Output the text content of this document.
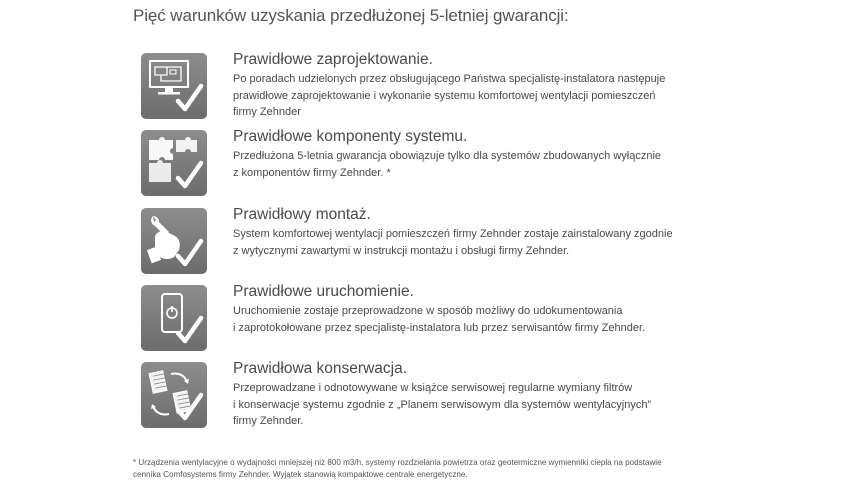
Pięć warunków uzyskania przedłużonej 5-letniej gwarancji:
Prawidłowe zaprojektowanie.
Po poradach udzielonych przez obsługującego Państwa specjalistę-instalatora następuje
prawidłowe zaprojektowanie i wykonanie systemu komfortowej wentylacji pomieszczeń
firmy Zehnder
Prawidłowe komponenty systemu.
Przedłużona 5-letnia gwarancja obowiązuje tylko dla systemów zbudowanych wyłącznie
z komponentów firmy Zehnder. *
Prawidłowy montaż.
System komfortowej wentylacji pomieszczeń firmy Zehnder zostaje zainstalowany zgodnie
z wytycznymi zawartymi w instrukcji montażu i obsługi firmy Zehnder.
Prawidłowe uruchomienie.
Uruchomienie zostaje przeprowadzone w sposób możliwy do udokumentowania
i zaprotokołowane przez specjalistę-instalatora lub przez serwisantów firmy Zehnder.
Prawidłowa konserwacja.
Przeprowadzane i odnotowywane w książce serwisowej regularne wymiany filtrów
i konserwacje systemu zgodnie z „Planem serwisowym dla systemów wentylacyjnych”
firmy Zehnder.
* Urządzenia wentylacyjne o wydajności mniejszej niż 800 m3/h, systemy rozdzielania powietrza oraz geotermiczne wymienniki ciepła na podstawie
cennika Comfosystems firmy Zehnder. Wyjątek stanowią kompaktowe centrale energetyczne.
